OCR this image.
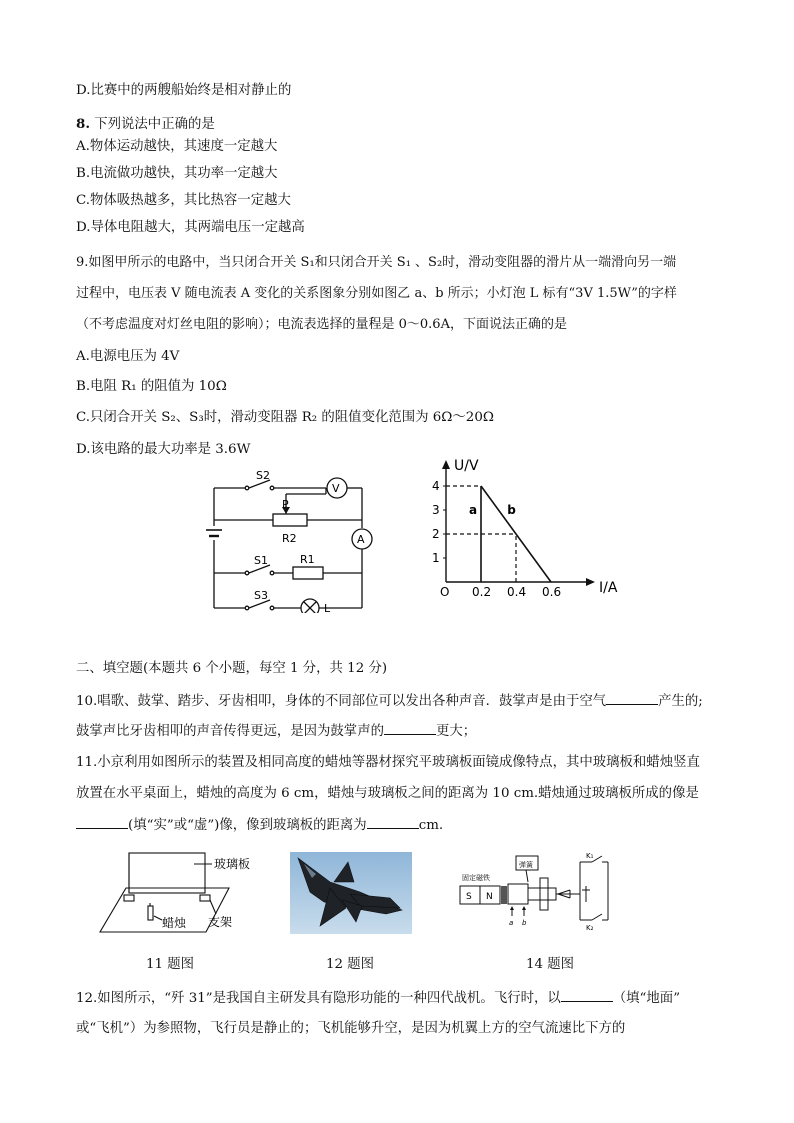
D.比赛中的两艘船始终是相对静止的
8. 下列说法中正确的是
A.物体运动越快，其速度一定越大
B.电流做功越快，其功率一定越大
C.物体吸热越多，其比热容一定越大
D.导体电阻越大，其两端电压一定越高
9.如图甲所示的电路中，当只闭合开关 S₁和只闭合开关 S₁ 、S₂时，滑动变阻器的滑片从一端滑向另一端
过程中，电压表 V 随电流表 A 变化的关系图象分别如图乙 a、b 所示；小灯泡 L 标有“3V 1.5W”的字样
（不考虑温度对灯丝电阻的影响）；电流表选择的量程是 0～0.6A，下面说法正确的是
A.电源电压为 4V
B.电阻 R₁ 的阻值为 10Ω
C.只闭合开关 S₂、S₃时，滑动变阻器 R₂ 的阻值变化范围为 6Ω～20Ω
D.该电路的最大功率是 3.6W
S2
P
R2
V
A
S1	R1
S3
L
a	b
1
2
3
4
0.2 0.4 0.6
U/V
I/A
O
二、填空题(本题共 6 个小题，每空 1 分，共 12 分)
10.唱歌、鼓掌、踏步、牙齿相叩，身体的不同部位可以发出各种声音．鼓掌声是由于空气	产生的;
鼓掌声比牙齿相叩的声音传得更远，是因为鼓掌声的	更大；
11.小京利用如图所示的装置及相同高度的蜡烛等器材探究平玻璃板面镜成像特点，其中玻璃板和蜡烛竖直
放置在水平桌面上，蜡烛的高度为 6 cm，蜡烛与玻璃板之间的距离为 10 cm.蜡烛通过玻璃板所成的像是
(填“实”或“虚”)像，像到玻璃板的距离为	cm.
玻璃板
蜡烛 支架
11 题图	12 题图
固定磁铁
S N
弹簧
K₁
K₂
a b
14 题图
12.如图所示，“歼 31”是我国自主研发具有隐形功能的一种四代战机。飞行时，以	（填“地面”
或“飞机”）为参照物，飞行员是静止的；飞机能够升空，是因为机翼上方的空气流速比下方的
